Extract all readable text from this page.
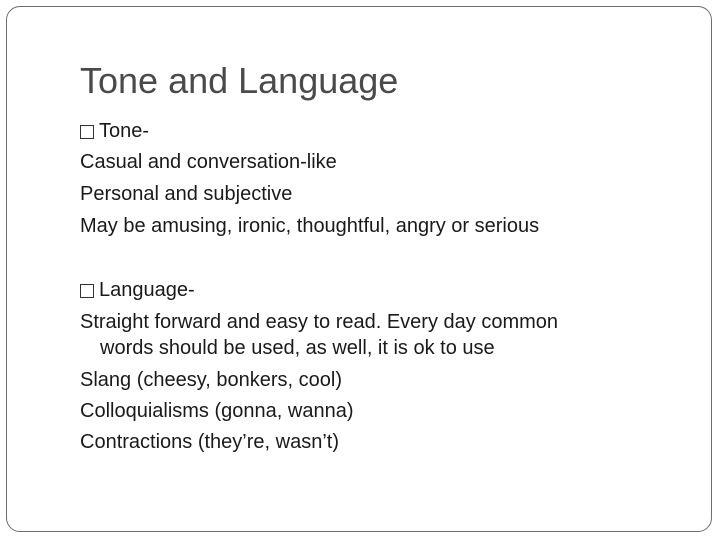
Tone and Language
Tone-
Casual and conversation-like
Personal and subjective
May be amusing, ironic, thoughtful, angry or serious
Language-
Straight forward and easy to read. Every day common
words should be used, as well, it is ok to use
Slang (cheesy, bonkers, cool)
Colloquialisms (gonna, wanna)
Contractions (they’re, wasn’t)
